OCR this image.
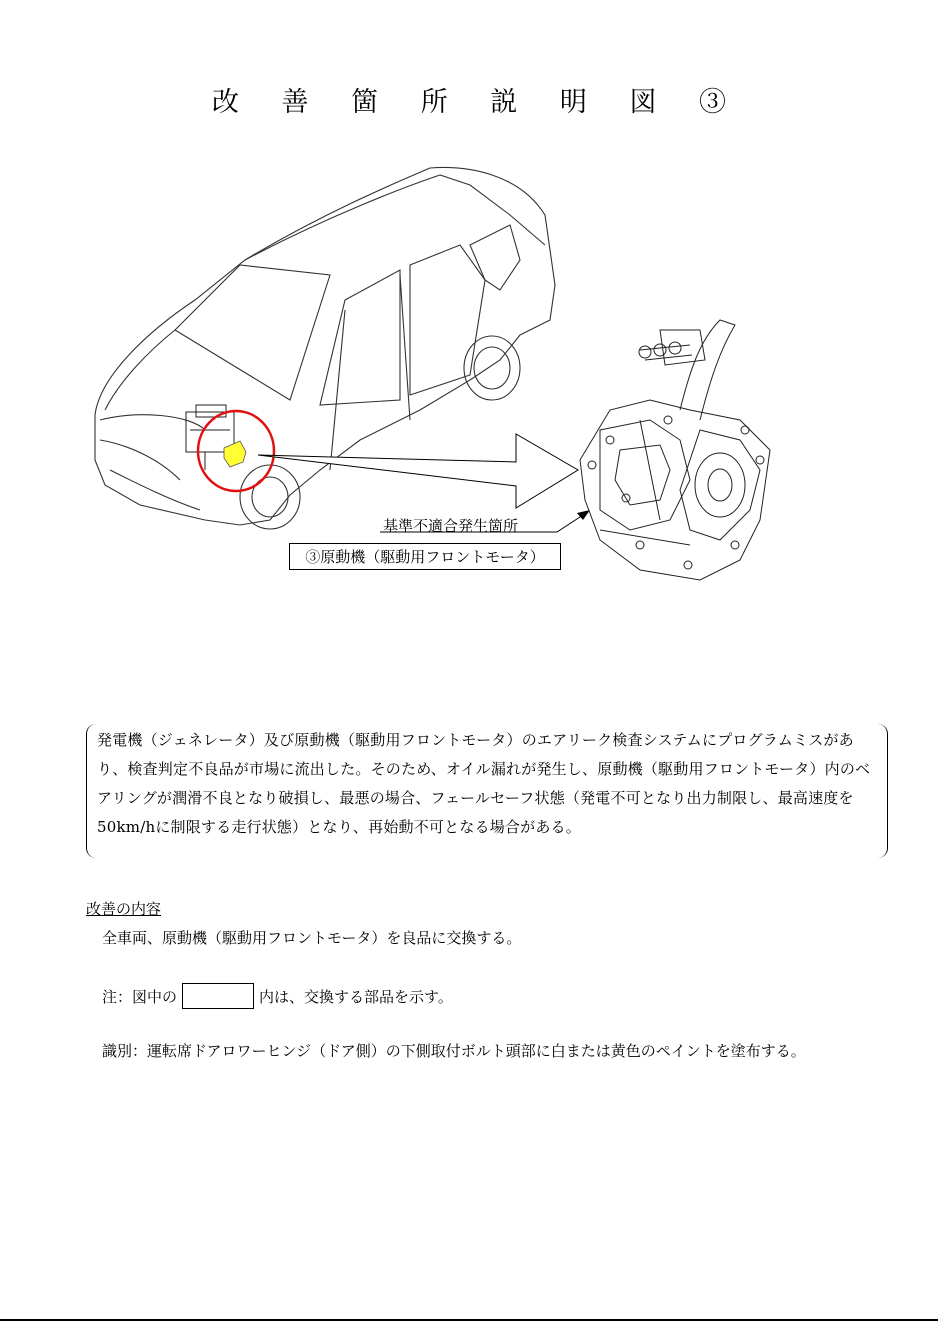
改 善 箇 所 説 明 図 ③
基準不適合発生箇所
③原動機（駆動用フロントモータ）

発電機（ジェネレータ）及び原動機（駆動用フロントモータ）のエアリーク検査システムにプログラムミスがあり、検査判定不良品が市場に流出した。そのため、オイル漏れが発生し、原動機（駆動用フロントモータ）内のベアリングが潤滑不良となり破損し、最悪の場合、フェールセーフ状態（発電不可となり出力制限し、最高速度を50km/hに制限する走行状態）となり、再始動不可となる場合がある。

改善の内容
全車両、原動機（駆動用フロントモータ）を良品に交換する。
注：図中の	内は、交換する部品を示す。
識別：運転席ドアロワーヒンジ（ドア側）の下側取付ボルト頭部に白または黄色のペイントを塗布する。
